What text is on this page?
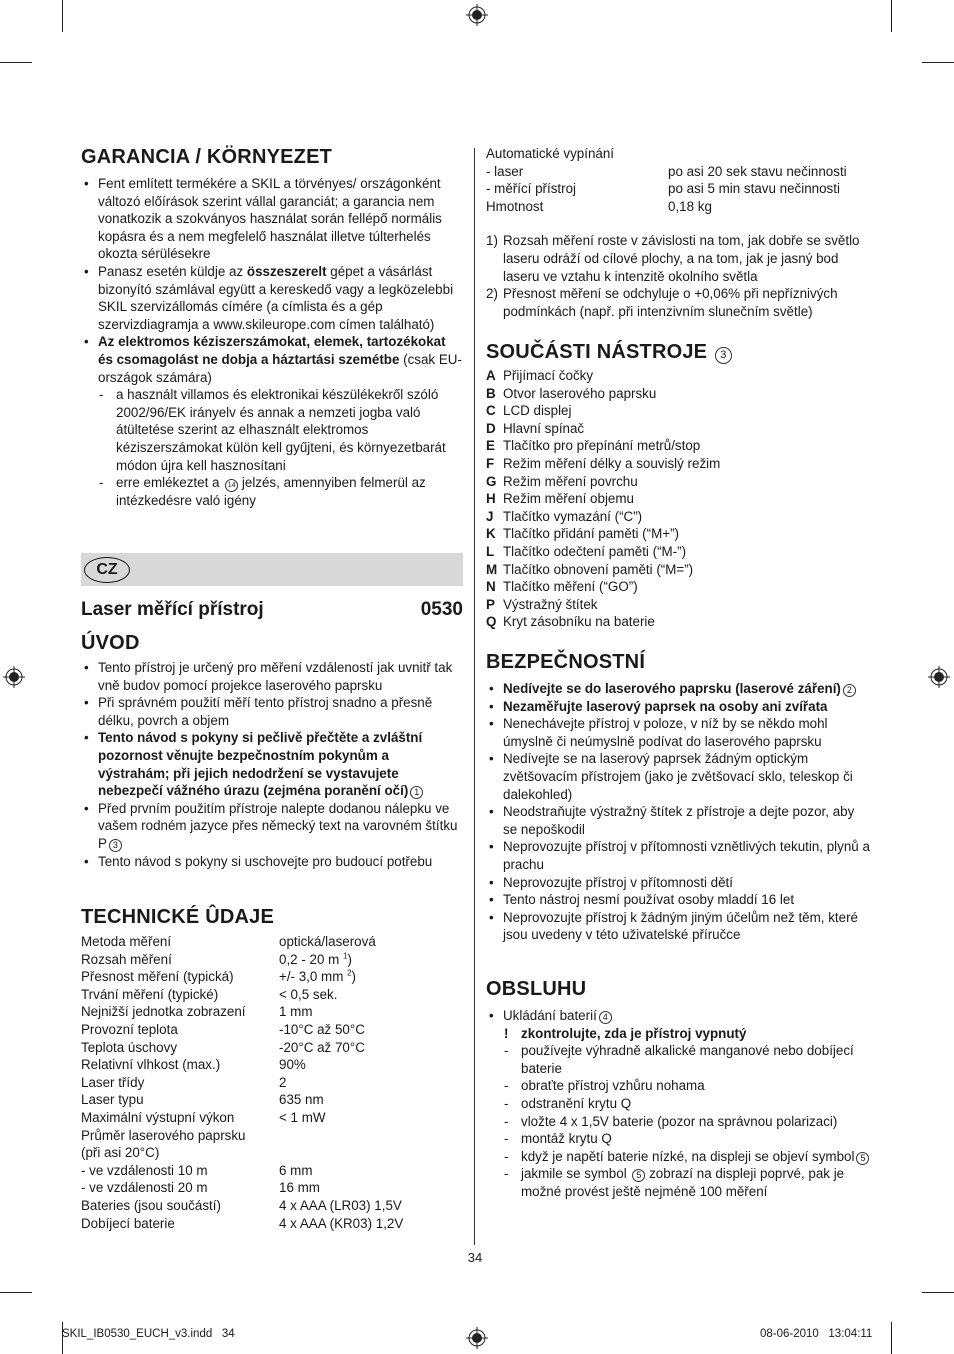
GARANCIA / KÖRNYEZET
• Fent említett termékére a SKIL a törvényes/ országonként változó előírások szerint vállal garanciát; a garancia nem vonatkozik a szokványos használat során fellépő normális kopásra és a nem megfelelő használat illetve túlterhelés okozta sérülésekre
• Panasz esetén küldje az összeszerelt gépet a vásárlást bizonyító számlával együtt a kereskedő vagy a legközelebbi SKIL szervizállomás címére (a címlista és a gép szervizdiagramja a www.skileurope.com címen található)
• Az elektromos kéziszerszámokat, elemek, tartozékokat és csomagolást ne dobja a háztartási szemétbe (csak EU-országok számára)
- a használt villamos és elektronikai készülékekről szóló 2002/96/EK irányelv és annak a nemzeti jogba való átültetése szerint az elhasznált elektromos kéziszerszámokat külön kell gyűjteni, és környezetbarát módon újra kell hasznosítani
- erre emlékeztet a 14 jelzés, amennyiben felmerül az intézkedésre való igény
CZ
Laser měřící přístroj	0530
ÚVOD
• Tento přístroj je určený pro měření vzdáleností jak uvnitř tak vně budov pomocí projekce laserového paprsku
• Při správném použití měří tento přístroj snadno a přesně délku, povrch a objem
• Tento návod s pokyny si pečlivě přečtěte a zvláštní pozornost věnujte bezpečnostním pokynům a výstrahám; při jejich nedodržení se vystavujete nebezpečí vážného úrazu (zejména poranění očí) 1
• Před prvním použitím přístroje nalepte dodanou nálepku ve vašem rodném jazyce přes německý text na varovném štítku P 3
• Tento návod s pokyny si uschovejte pro budoucí potřebu
TECHNICKÉ ÛDAJE
Metoda měření	optická/laserová
Rozsah měření	0,2 - 20 m $^1$)
Přesnost měření (typická)	+/- 3,0 mm $^2$)
Trvání měření (typické)	< 0,5 sek.
Nejnižší jednotka zobrazení	1 mm
Provozní teplota	-10°C až 50°C
Teplota úschovy	-20°C až 70°C
Relativní vlhkost (max.)	90%
Laser třídy	2
Laser typu	635 nm
Maximální výstupní výkon	< 1 mW
Průměr laserového paprsku
(při asi 20°C)
- ve vzdálenosti 10 m	6 mm
- ve vzdálenosti 20 m	16 mm
Bateries (jsou součástí)	4 x AAA (LR03) 1,5V
Dobíjecí baterie	4 x AAA (KR03) 1,2V
Automatické vypínání
- laser	po asi 20 sek stavu nečinnosti
- měřící přístroj	po asi 5 min stavu nečinnosti
Hmotnost	0,18 kg
1) Rozsah měření roste v závislosti na tom, jak dobře se světlo laseru odráží od cílové plochy, a na tom, jak je jasný bod laseru ve vztahu k intenzitě okolního světla
2) Přesnost měření se odchyluje o +0,06% při nepříznivých podmínkách (např. při intenzivním slunečním světle)
SOUČÁSTI NÁSTROJE 3
A Přijímací čočky
B Otvor laserového paprsku
C LCD displej
D Hlavní spínač
E Tlačítko pro přepínání metrů/stop
F Režim měření délky a souvislý režim
G Režim měření povrchu
H Režim měření objemu
J Tlačítko vymazání (“C”)
K Tlačítko přidání paměti (“M+”)
L Tlačítko odečtení paměti (“M-”)
M Tlačítko obnovení paměti (“M=”)
N Tlačítko měření (“GO”)
P Výstražný štítek
Q Kryt zásobníku na baterie
BEZPEČNOSTNÍ
• Nedívejte se do laserového paprsku (laserové záření) 2
• Nezaměřujte laserový paprsek na osoby ani zvířata
• Nenechávejte přístroj v poloze, v níž by se někdo mohl úmyslně či neúmyslně podívat do laserového paprsku
• Nedívejte se na laserový paprsek žádným optickým zvětšovacím přístrojem (jako je zvětšovací sklo, teleskop či dalekohled)
• Neodstraňujte výstražný štítek z přístroje a dejte pozor, aby se nepoškodil
• Neprovozujte přístroj v přítomnosti vznětlivých tekutin, plynů a prachu
• Neprovozujte přístroj v přítomnosti dětí
• Tento nástroj nesmí používat osoby mladdí 16 let
• Neprovozujte přístroj k žádným jiným účelům než těm, které jsou uvedeny v této uživatelské příručce
OBSLUHU
• Ukládání baterií 4
! zkontrolujte, zda je přístroj vypnutý
- používejte výhradně alkalické manganové nebo dobíjecí baterie
- obraťte přístroj vzhůru nohama
- odstranění krytu Q
- vložte 4 x 1,5V baterie (pozor na správnou polarizaci)
- montáž krytu Q
- když je napětí baterie nízké, na displeji se objeví symbol 5
- jakmile se symbol 5 zobrazí na displeji poprvé, pak je možné provést ještě nejméně 100 měření
34
SKIL_IB0530_EUCH_v3.indd   34	08-06-2010   13:04:11
